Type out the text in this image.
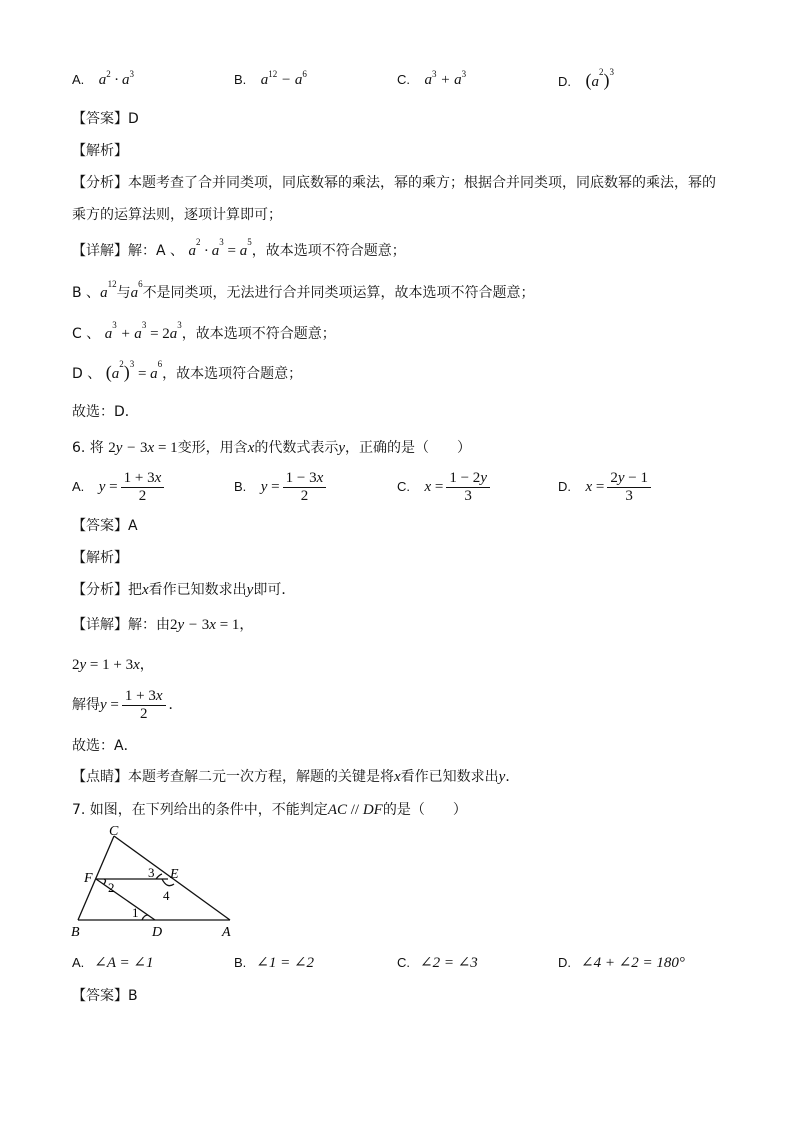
A. $a^2 \cdot a^3$	B. $a^{12} - a^6$	C. $a^3 + a^3$	D. $(a^2)^3$
【答案】D
【解析】
【分析】本题考查了合并同类项，同底数幂的乘法，幂的乘方；根据合并同类项，同底数幂的乘法，幂的
乘方的运算法则，逐项计算即可；
【详解】解：A 、 $a^2 \cdot a^3 = a^5$，故本选项不符合题意；
B 、$a^{12}$与$a^6$不是同类项，无法进行合并同类项运算，故本选项不符合题意；
C 、 $a^3 + a^3 = 2a^3$，故本选项不符合题意；
D 、 $(a^2)^3 = a^6$，故本选项符合题意；
故选：D．
6. 将 2y − 3x = 1变形，用含x的代数式表示y，正确的是（　　）
A. $y = \frac{1 + 3x}{2}$	B. $y = \frac{1 - 3x}{2}$	C. $x = \frac{1 - 2y}{3}$	D. $x = \frac{2y - 1}{3}$
【答案】A
【解析】
【分析】把x看作已知数求出y即可．
【详解】解：由2y − 3x = 1，
2y = 1 + 3x，
解得$y = \frac{1 + 3x}{2}$ ．
故选：A．
【点睛】本题考查解二元一次方程，解题的关键是将x看作已知数求出y．
7. 如图，在下列给出的条件中，不能判定AC // DF的是（　　）
C
F	E
B	D	A
1
2
3
4
A. ∠A = ∠1	B. ∠1 = ∠2	C. ∠2 = ∠3	D. ∠4 + ∠2 = 180°
【答案】B
